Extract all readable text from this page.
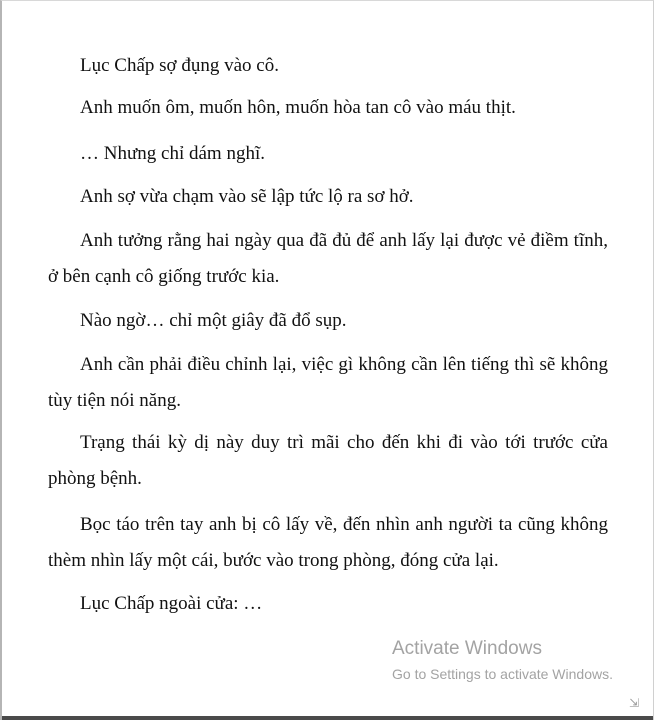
Lục Chấp sợ đụng vào cô.

Anh muốn ôm, muốn hôn, muốn hòa tan cô vào máu thịt.

… Nhưng chỉ dám nghĩ.

Anh sợ vừa chạm vào sẽ lập tức lộ ra sơ hở.

Anh tưởng rằng hai ngày qua đã đủ để anh lấy lại được vẻ điềm tĩnh, ở bên cạnh cô giống trước kia.

Nào ngờ… chỉ một giây đã đổ sụp.

Anh cần phải điều chỉnh lại, việc gì không cần lên tiếng thì sẽ không tùy tiện nói năng.

Trạng thái kỳ dị này duy trì mãi cho đến khi đi vào tới trước cửa phòng bệnh.

Bọc táo trên tay anh bị cô lấy về, đến nhìn anh người ta cũng không thèm nhìn lấy một cái, bước vào trong phòng, đóng cửa lại.

Lục Chấp ngoài cửa: …

Activate Windows
Go to Settings to activate Windows.
⇲
